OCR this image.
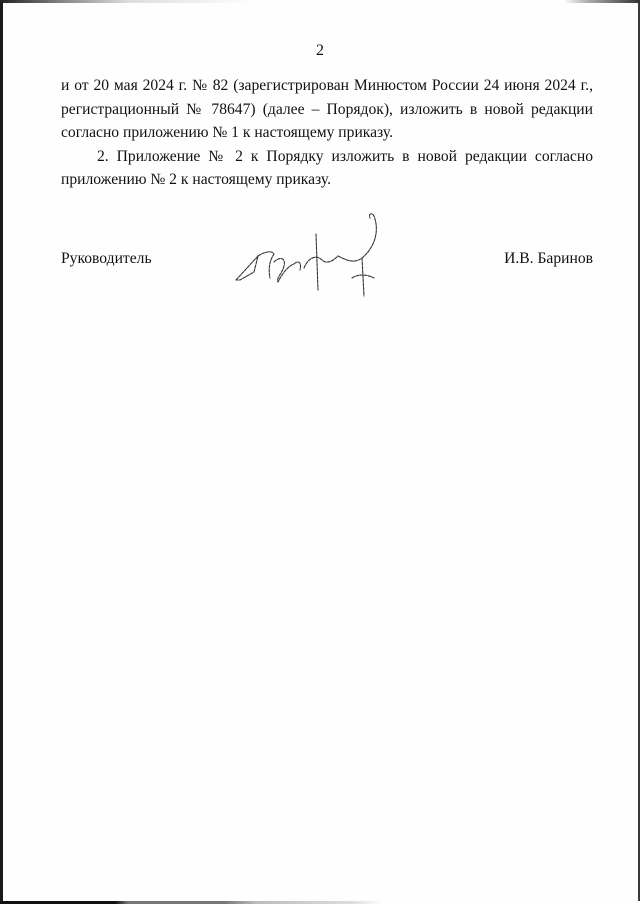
2

и от 20 мая 2024 г. № 82 (зарегистрирован Минюстом России 24 июня 2024 г., регистрационный № 78647) (далее – Порядок), изложить в новой редакции согласно приложению № 1 к настоящему приказу.

2. Приложение № 2 к Порядку изложить в новой редакции согласно приложению № 2 к настоящему приказу.

Руководитель	И.В. Баринов
